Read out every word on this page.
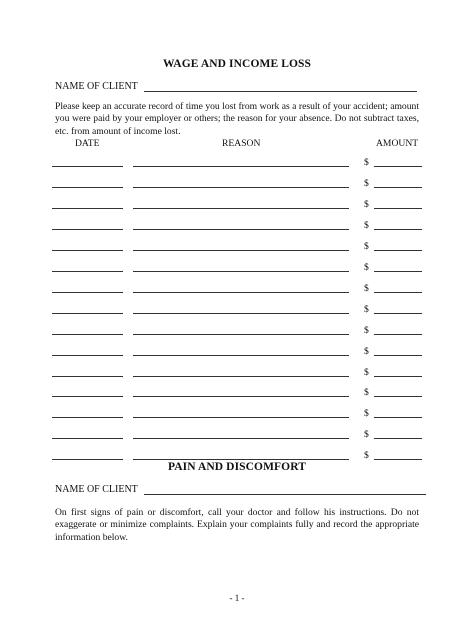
WAGE AND INCOME LOSS
NAME OF CLIENT
Please keep an accurate record of time you lost from work as a result of your accident; amount you were paid by your employer or others; the reason for your absence. Do not subtract taxes, etc. from amount of income lost.
DATE	REASON	AMOUNT
$
$
$
$
$
$
$
$
$
$
$
$
$
$
$
PAIN AND DISCOMFORT
NAME OF CLIENT
On first signs of pain or discomfort, call your doctor and follow his instructions. Do not exaggerate or minimize complaints. Explain your complaints fully and record the appropriate information below.
- 1 -
